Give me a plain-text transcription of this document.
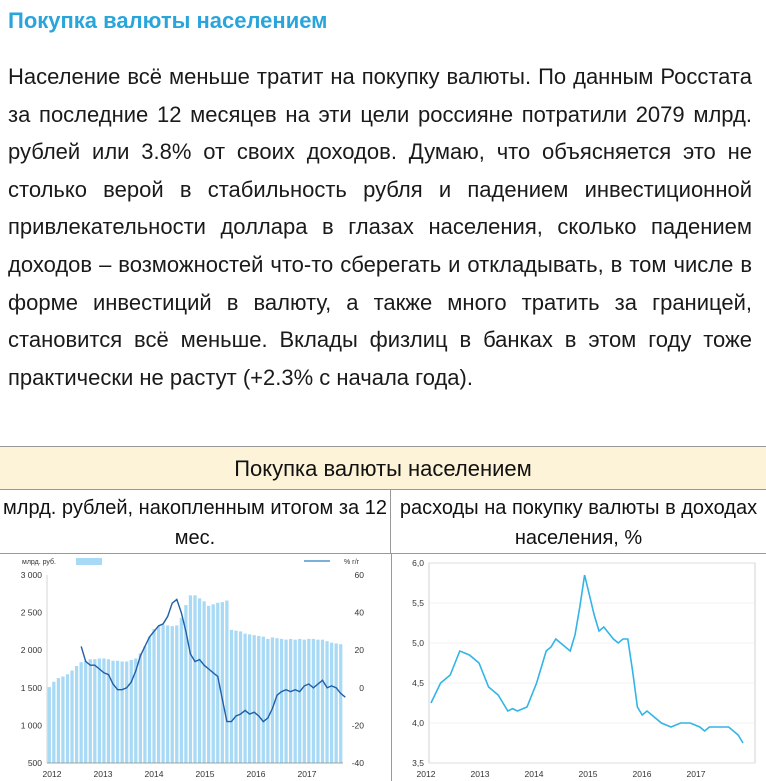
Покупка валюты населением
Население всё меньше тратит на покупку валюты. По данным Росстата за последние 12 месяцев на эти цели россияне потратили 2079 млрд. рублей или 3.8% от своих доходов. Думаю, что объясняется это не столько верой в стабильность рубля и падением инвестиционной привлекательности доллара в глазах населения, сколько падением доходов – возможностей что-то сберегать и откладывать, в том числе в форме инвестиций в валюту, а также много тратить за границей, становится всё меньше. Вклады физлиц в банках в этом году тоже практически не растут (+2.3% с начала года).
Покупка валюты населением
млрд. рублей, накопленным итогом за 12 мес.
расходы на покупку валюты в доходах населения, %
млрд. руб.	% г/г
500
1 000
1 500
2 000
2 500
3 000
-40
-20
0
20
40
60
2012	2013	2014	2015	2016	2017
3,5
4,0
4,5
5,0
5,5
6,0
2012	2013	2014	2015	2016	2017
